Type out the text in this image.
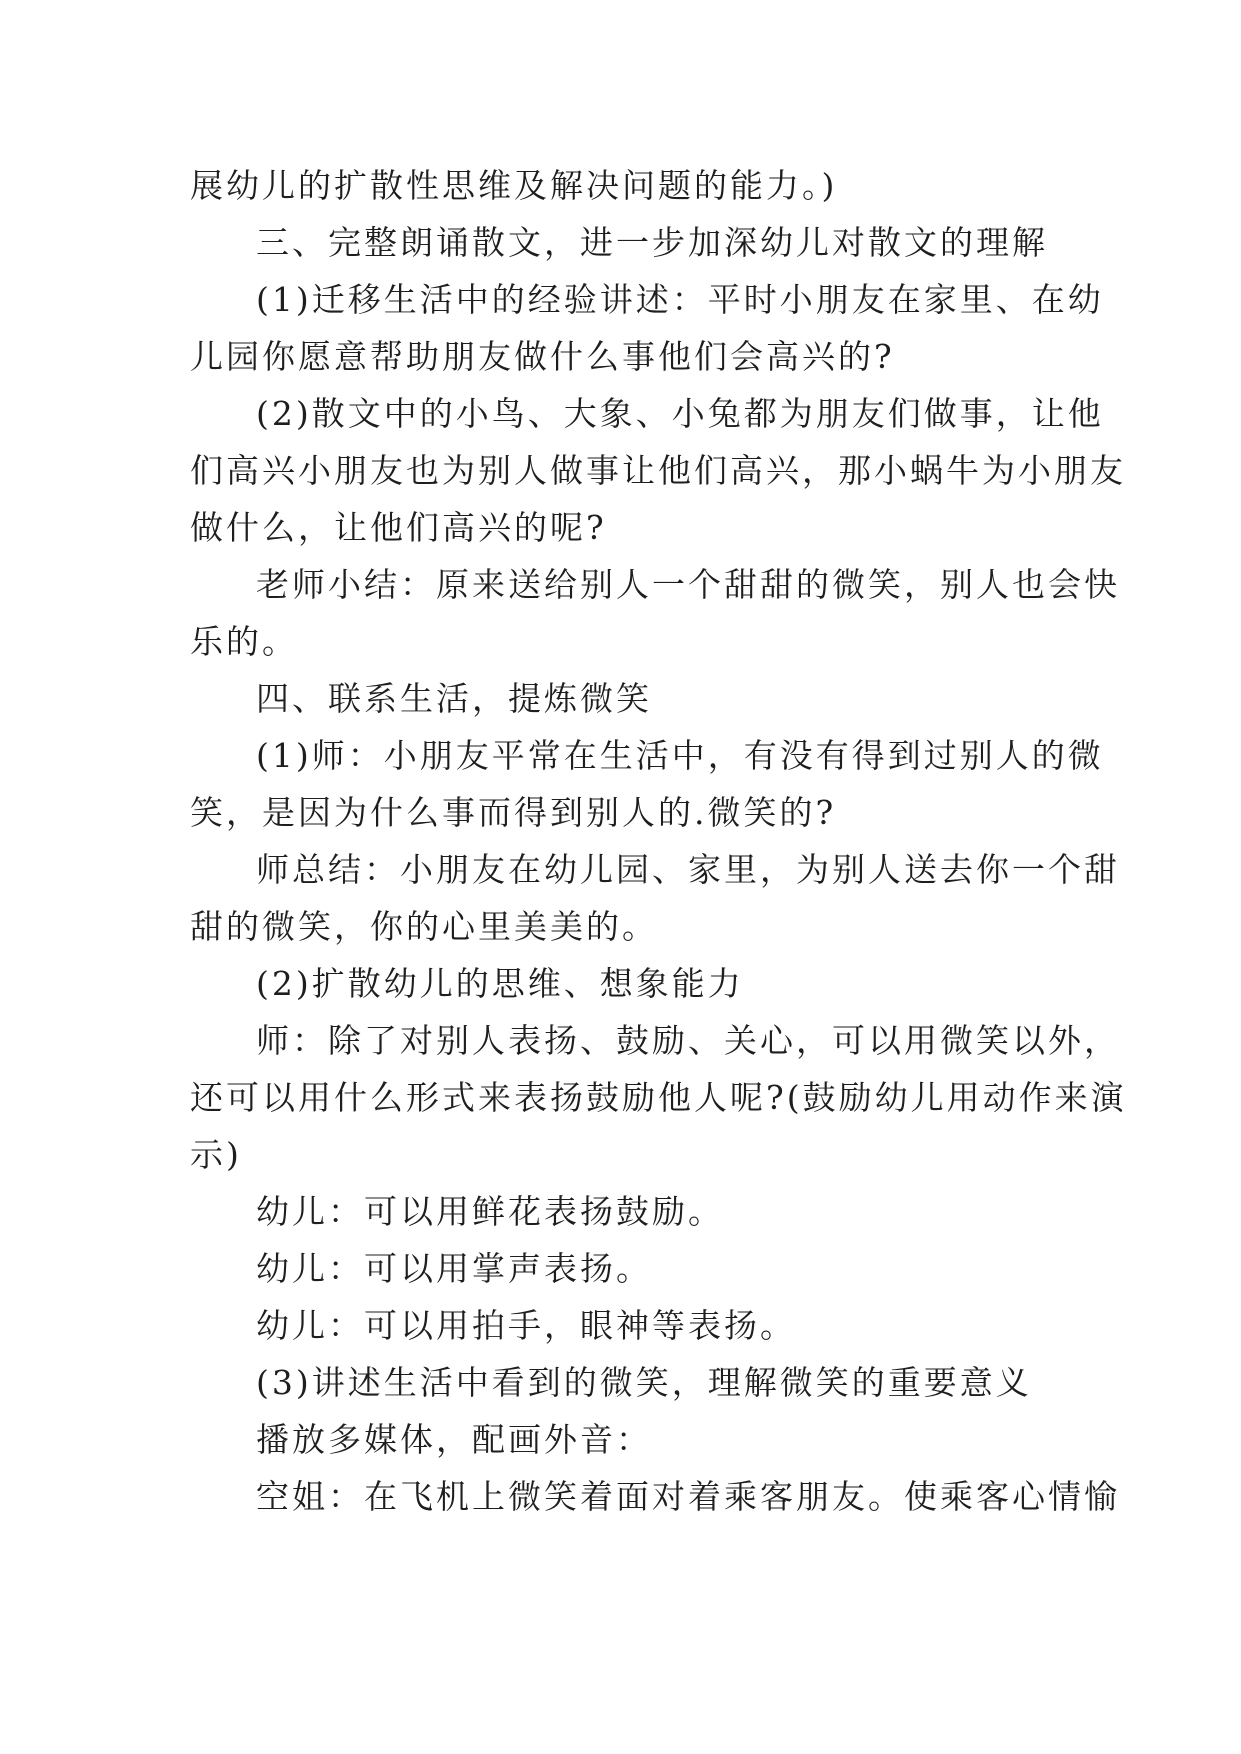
展幼儿的扩散性思维及解决问题的能力。)

三、完整朗诵散文，进一步加深幼儿对散文的理解

(1)迁移生活中的经验讲述：平时小朋友在家里、在幼

儿园你愿意帮助朋友做什么事他们会高兴的?

(2)散文中的小鸟、大象、小兔都为朋友们做事，让他

们高兴小朋友也为别人做事让他们高兴，那小蜗牛为小朋友

做什么，让他们高兴的呢?

老师小结：原来送给别人一个甜甜的微笑，别人也会快

乐的。

四、联系生活，提炼微笑

(1)师：小朋友平常在生活中，有没有得到过别人的微

笑，是因为什么事而得到别人的.微笑的?

师总结：小朋友在幼儿园、家里，为别人送去你一个甜

甜的微笑，你的心里美美的。

(2)扩散幼儿的思维、想象能力

师：除了对别人表扬、鼓励、关心，可以用微笑以外，

还可以用什么形式来表扬鼓励他人呢?(鼓励幼儿用动作来演

示)

幼儿：可以用鲜花表扬鼓励。

幼儿：可以用掌声表扬。

幼儿：可以用拍手，眼神等表扬。

(3)讲述生活中看到的微笑，理解微笑的重要意义

播放多媒体，配画外音：

空姐：在飞机上微笑着面对着乘客朋友。使乘客心情愉
